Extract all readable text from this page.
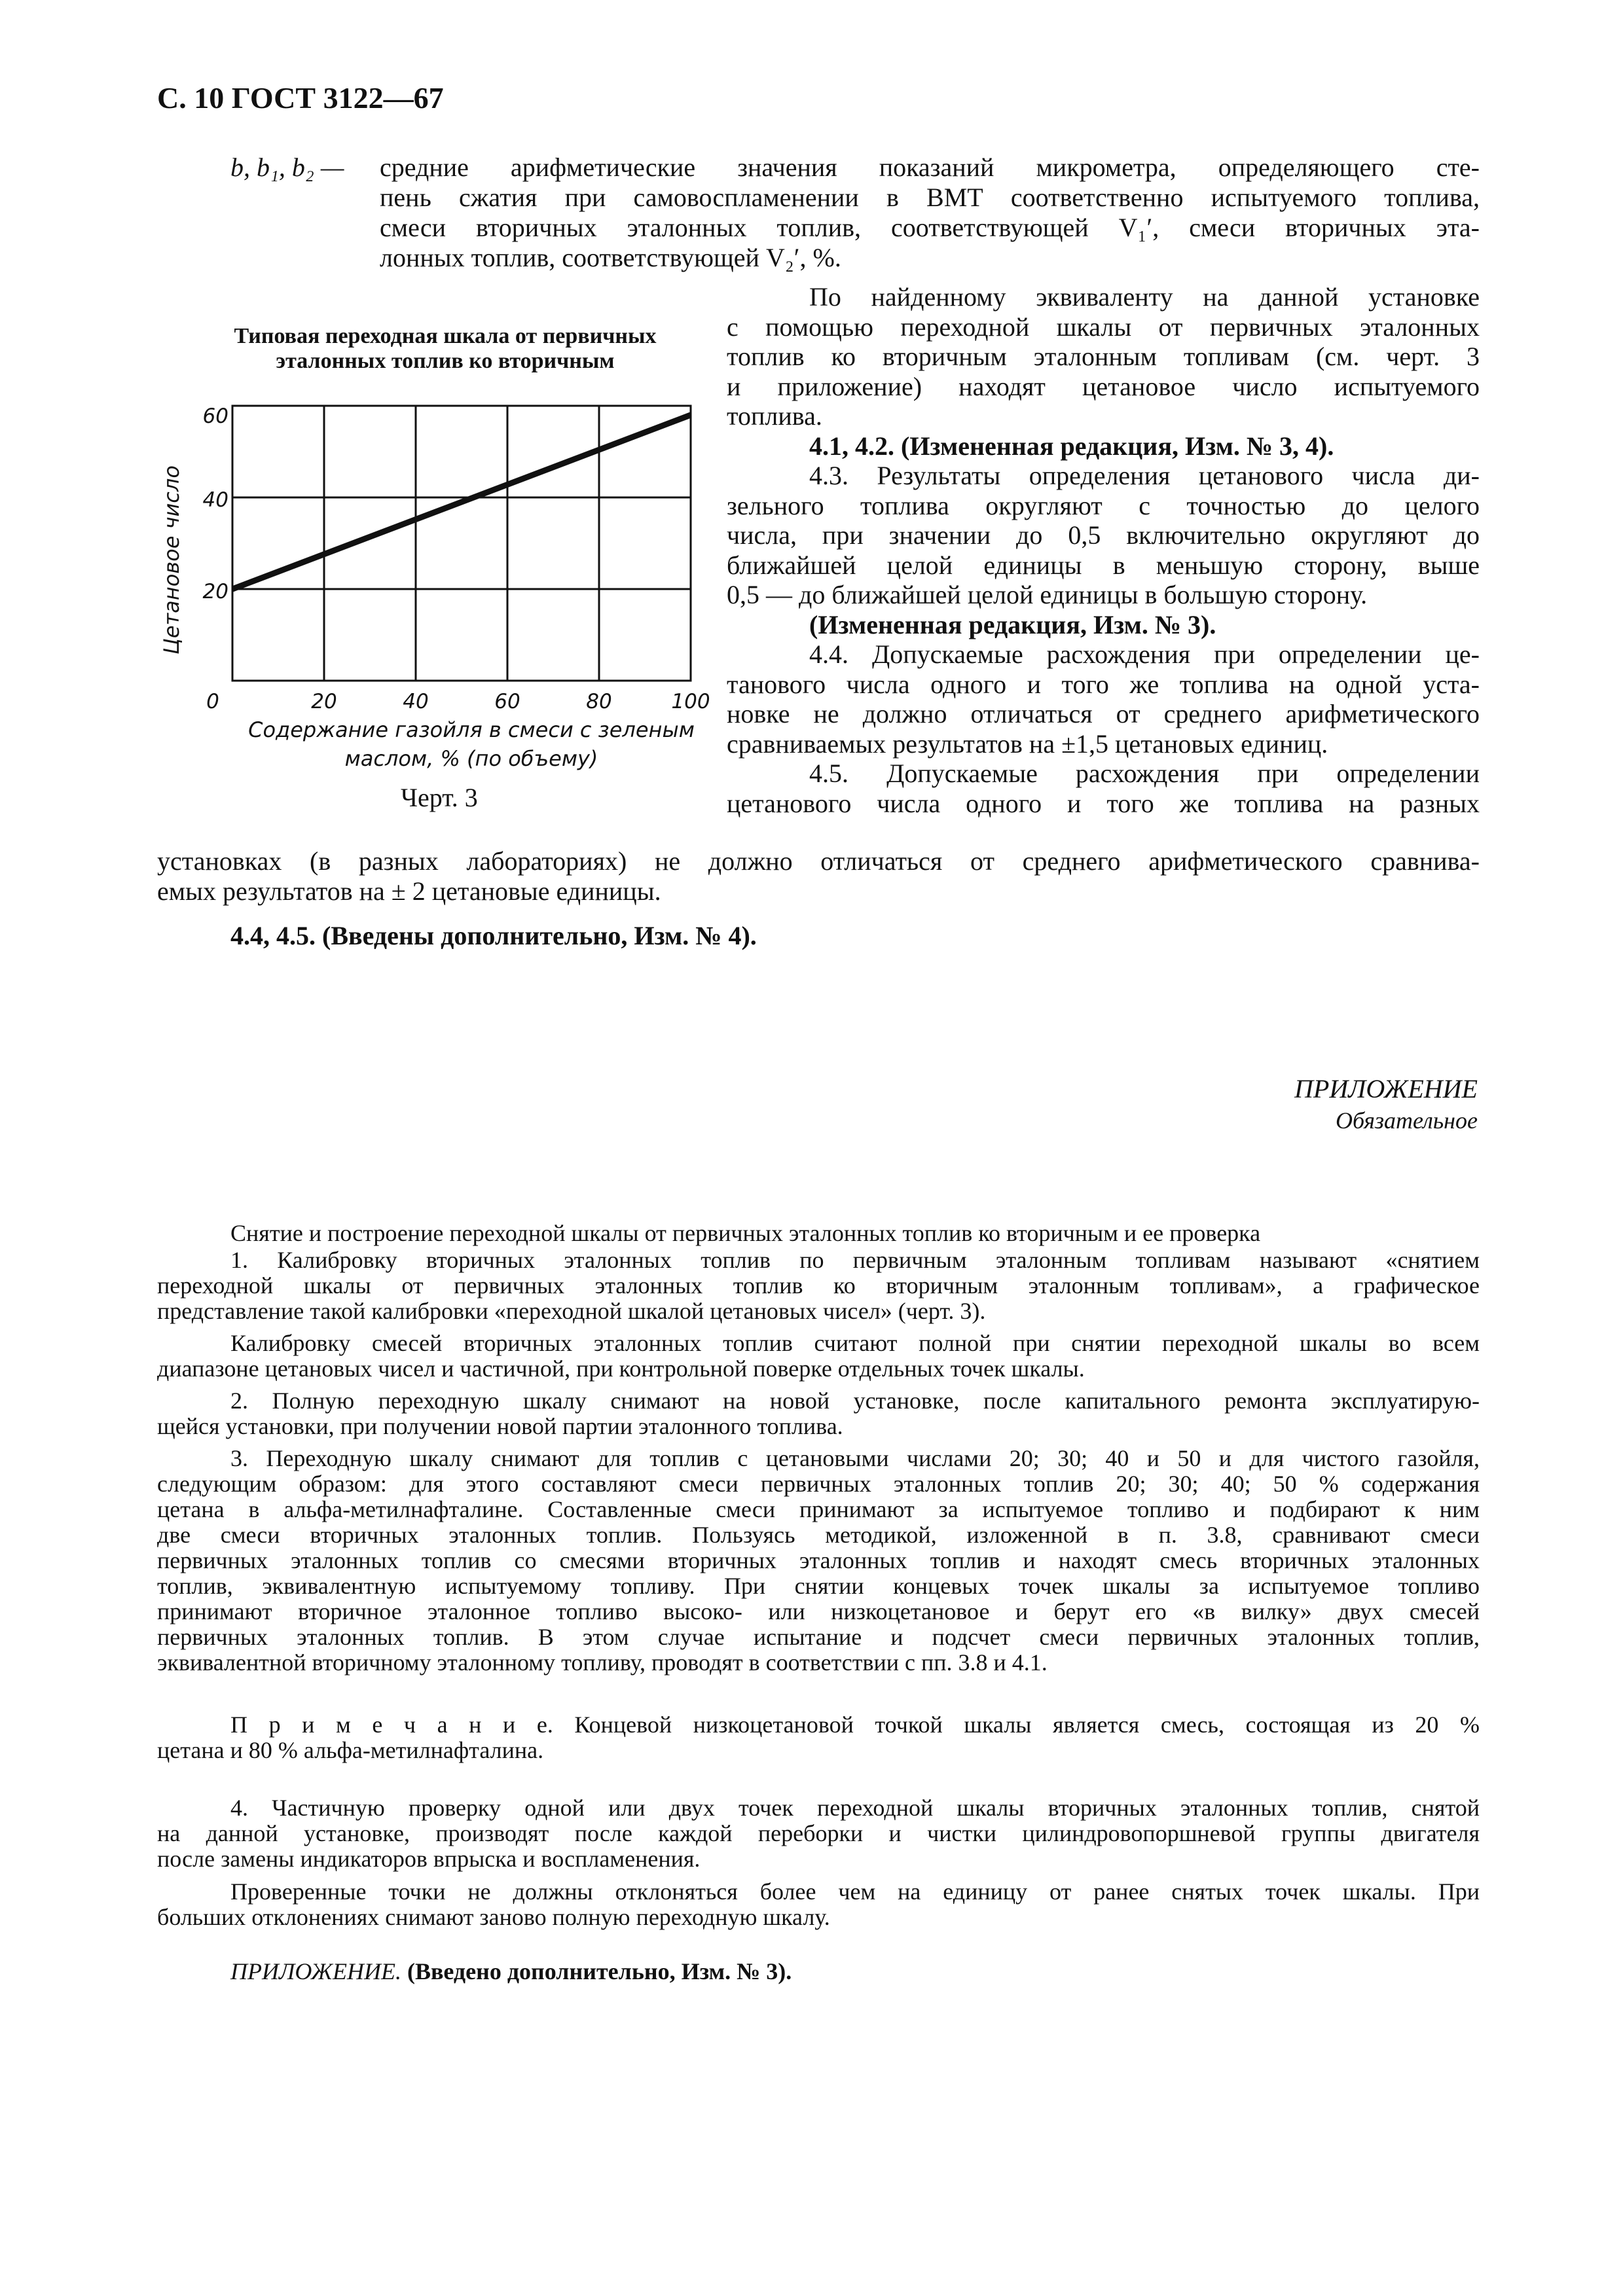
С. 10 ГОСТ 3122—67
b, b₁, b₂ — средние арифметические значения показаний микрометра, определяющего сте-
пень сжатия при самовоспламенении в ВМТ соответственно испытуемого топлива,
смеси вторичных эталонных топлив, соответствующей V₁′, смеси вторичных эта-
лонных топлив, соответствующей V₂′, %.
Типовая переходная шкала от первичных
эталонных топлив ко вторичным
0	20	40	60	80	100
60
40
20
Цетановое число
Содержание газойля в смеси с зеленым
маслом, % (по объему)
Черт. 3
По найденному эквиваленту на данной установке
с помощью переходной шкалы от первичных эталонных
топлив ко вторичным эталонным топливам (см. черт. 3
и приложение) находят цетановое число испытуемого
топлива.
4.1, 4.2. (Измененная редакция, Изм. № 3, 4).
4.3. Результаты определения цетанового числа ди-
зельного топлива округляют с точностью до целого
числа, при значении до 0,5 включительно округляют до
ближайшей целой единицы в меньшую сторону, выше
0,5 — до ближайшей целой единицы в большую сторону.
(Измененная редакция, Изм. № 3).
4.4. Допускаемые расхождения при определении це-
танового числа одного и того же топлива на одной уста-
новке не должно отличаться от среднего арифметического
сравниваемых результатов на ±1,5 цетановых единиц.
4.5. Допускаемые расхождения при определении
цетанового числа одного и того же топлива на разных
установках (в разных лабораториях) не должно отличаться от среднего арифметического сравнива-
емых результатов на ± 2 цетановые единицы.
4.4, 4.5. (Введены дополнительно, Изм. № 4).
ПРИЛОЖЕНИЕ
Обязательное
Снятие и построение переходной шкалы от первичных эталонных топлив ко вторичным и ее проверка
1. Калибровку вторичных эталонных топлив по первичным эталонным топливам называют «снятием
переходной шкалы от первичных эталонных топлив ко вторичным эталонным топливам», а графическое
представление такой калибровки «переходной шкалой цетановых чисел» (черт. 3).
Калибровку смесей вторичных эталонных топлив считают полной при снятии переходной шкалы во всем
диапазоне цетановых чисел и частичной, при контрольной поверке отдельных точек шкалы.
2. Полную переходную шкалу снимают на новой установке, после капитального ремонта эксплуатирую-
щейся установки, при получении новой партии эталонного топлива.
3. Переходную шкалу снимают для топлив с цетановыми числами 20; 30; 40 и 50 и для чистого газойля,
следующим образом: для этого составляют смеси первичных эталонных топлив 20; 30; 40; 50 % содержания
цетана в альфа-метилнафталине. Составленные смеси принимают за испытуемое топливо и подбирают к ним
две смеси вторичных эталонных топлив. Пользуясь методикой, изложенной в п. 3.8, сравнивают смеси
первичных эталонных топлив со смесями вторичных эталонных топлив и находят смесь вторичных эталонных
топлив, эквивалентную испытуемому топливу. При снятии концевых точек шкалы за испытуемое топливо
принимают вторичное эталонное топливо высоко- или низкоцетановое и берут его «в вилку» двух смесей
первичных эталонных топлив. В этом случае испытание и подсчет смеси первичных эталонных топлив,
эквивалентной вторичному эталонному топливу, проводят в соответствии с пп. 3.8 и 4.1.
П р и м е ч а н и е. Концевой низкоцетановой точкой шкалы является смесь, состоящая из 20 %
цетана и 80 % альфа-метилнафталина.
4. Частичную проверку одной или двух точек переходной шкалы вторичных эталонных топлив, снятой
на данной установке, производят после каждой переборки и чистки цилиндровопоршневой группы двигателя
после замены индикаторов впрыска и воспламенения.
Проверенные точки не должны отклоняться более чем на единицу от ранее снятых точек шкалы. При
больших отклонениях снимают заново полную переходную шкалу.
ПРИЛОЖЕНИЕ. (Введено дополнительно, Изм. № 3).
